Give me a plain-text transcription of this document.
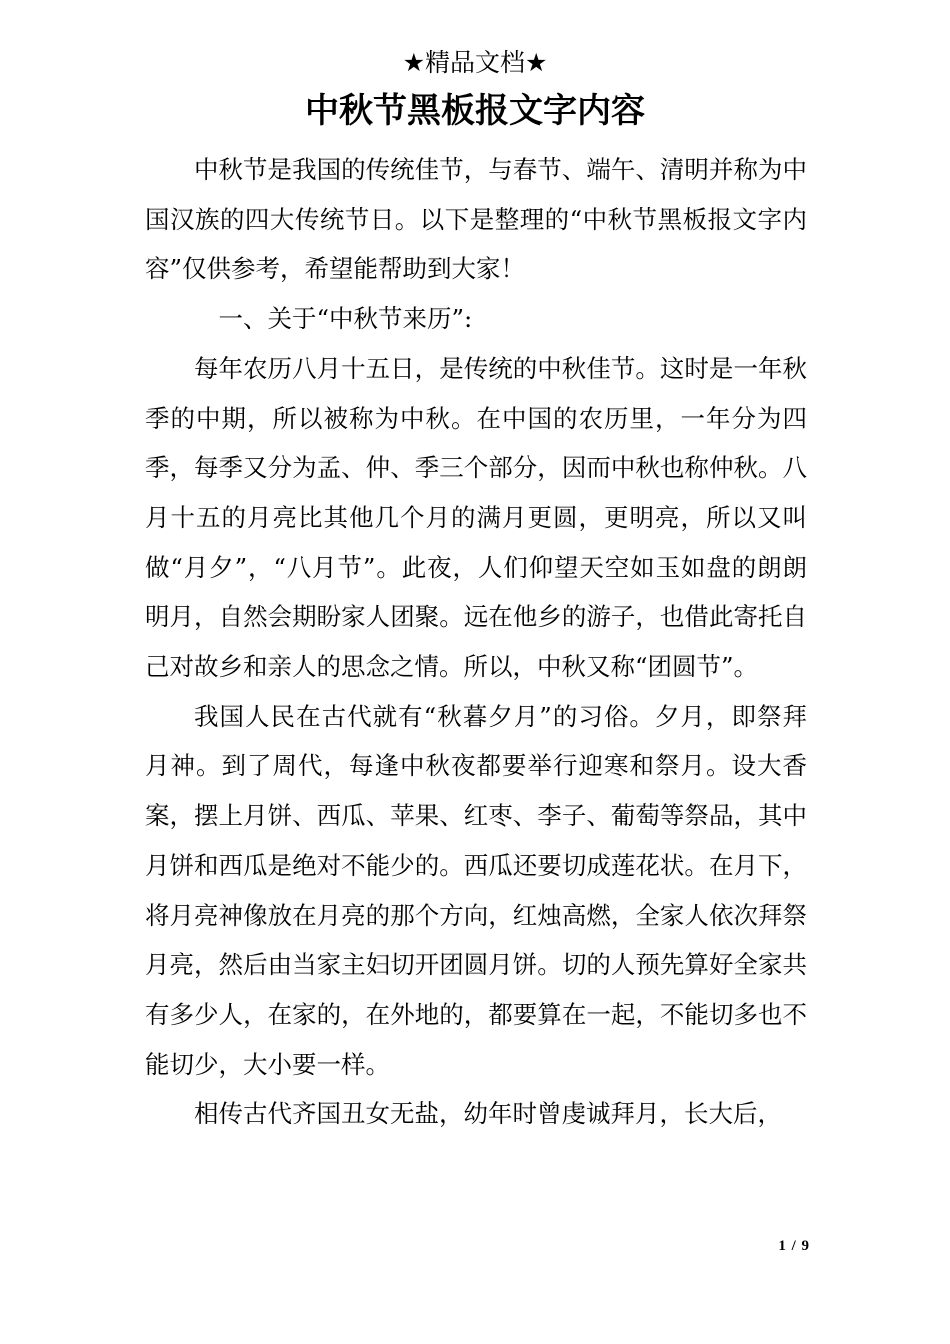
★精品文档★
中秋节黑板报文字内容

中秋节是我国的传统佳节，与春节、端午、清明并称为中国汉族的四大传统节日。以下是整理的“中秋节黑板报文字内容”仅供参考，希望能帮助到大家！

一、关于“中秋节来历”:

每年农历八月十五日，是传统的中秋佳节。这时是一年秋季的中期，所以被称为中秋。在中国的农历里，一年分为四季，每季又分为孟、仲、季三个部分，因而中秋也称仲秋。八月十五的月亮比其他几个月的满月更圆，更明亮，所以又叫做“月夕”，“八月节”。此夜，人们仰望天空如玉如盘的朗朗明月，自然会期盼家人团聚。远在他乡的游子，也借此寄托自己对故乡和亲人的思念之情。所以，中秋又称“团圆节”。

我国人民在古代就有“秋暮夕月”的习俗。夕月，即祭拜月神。到了周代，每逢中秋夜都要举行迎寒和祭月。设大香案，摆上月饼、西瓜、苹果、红枣、李子、葡萄等祭品，其中月饼和西瓜是绝对不能少的。西瓜还要切成莲花状。在月下，将月亮神像放在月亮的那个方向，红烛高燃，全家人依次拜祭月亮，然后由当家主妇切开团圆月饼。切的人预先算好全家共有多少人，在家的，在外地的，都要算在一起，不能切多也不能切少，大小要一样。

相传古代齐国丑女无盐，幼年时曾虔诚拜月，长大后，

1 / 9
